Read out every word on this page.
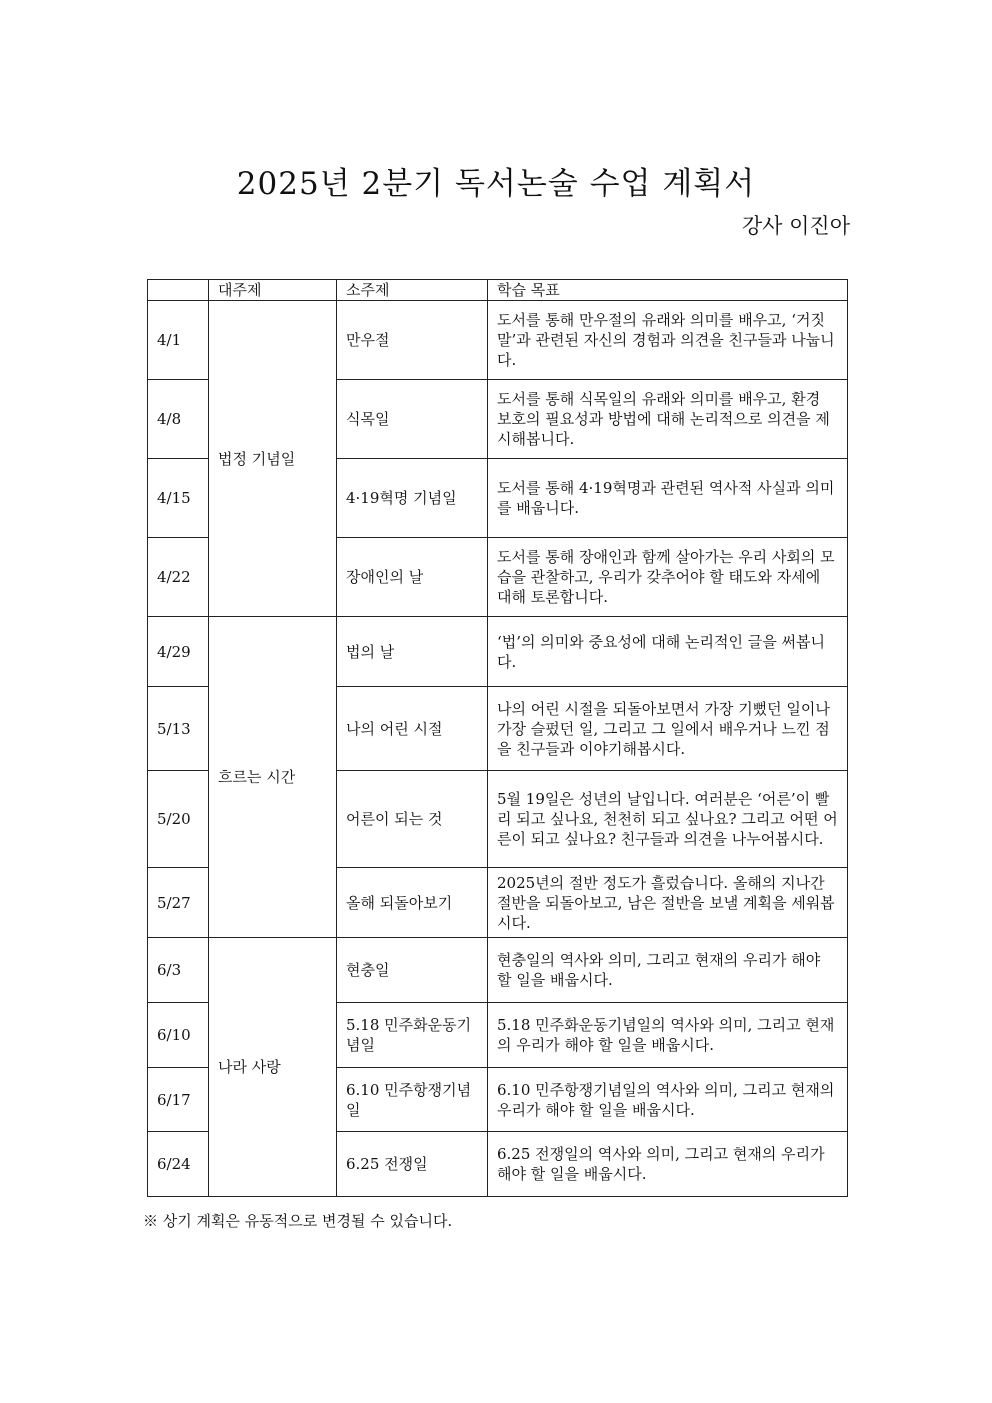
2025년 2분기 독서논술 수업 계획서
강사 이진아
	대주제	소주제	학습 목표
4/1	법정 기념일	만우절	도서를 통해 만우절의 유래와 의미를 배우고, ‘거짓말’과 관련된 자신의 경험과 의견을 친구들과 나눕니다.
4/8		식목일	도서를 통해 식목일의 유래와 의미를 배우고, 환경 보호의 필요성과 방법에 대해 논리적으로 의견을 제시해봅니다.
4/15		4·19혁명 기념일	도서를 통해 4·19혁명과 관련된 역사적 사실과 의미를 배웁니다.
4/22		장애인의 날	도서를 통해 장애인과 함께 살아가는 우리 사회의 모습을 관찰하고, 우리가 갖추어야 할 태도와 자세에 대해 토론합니다.
4/29	흐르는 시간	법의 날	‘법’의 의미와 중요성에 대해 논리적인 글을 써봅니다.
5/13		나의 어린 시절	나의 어린 시절을 되돌아보면서 가장 기뻤던 일이나 가장 슬펐던 일, 그리고 그 일에서 배우거나 느낀 점을 친구들과 이야기해봅시다.
5/20		어른이 되는 것	5월 19일은 성년의 날입니다. 여러분은 ‘어른’이 빨리 되고 싶나요, 천천히 되고 싶나요? 그리고 어떤 어른이 되고 싶나요? 친구들과 의견을 나누어봅시다.
5/27		올해 되돌아보기	2025년의 절반 정도가 흘렀습니다. 올해의 지나간 절반을 되돌아보고, 남은 절반을 보낼 계획을 세워봅시다.
6/3	나라 사랑	현충일	현충일의 역사와 의미, 그리고 현재의 우리가 해야 할 일을 배웁시다.
6/10		5.18 민주화운동기념일	5.18 민주화운동기념일의 역사와 의미, 그리고 현재의 우리가 해야 할 일을 배웁시다.
6/17		6.10 민주항쟁기념일	6.10 민주항쟁기념일의 역사와 의미, 그리고 현재의 우리가 해야 할 일을 배웁시다.
6/24		6.25 전쟁일	6.25 전쟁일의 역사와 의미, 그리고 현재의 우리가 해야 할 일을 배웁시다.
※ 상기 계획은 유동적으로 변경될 수 있습니다.
